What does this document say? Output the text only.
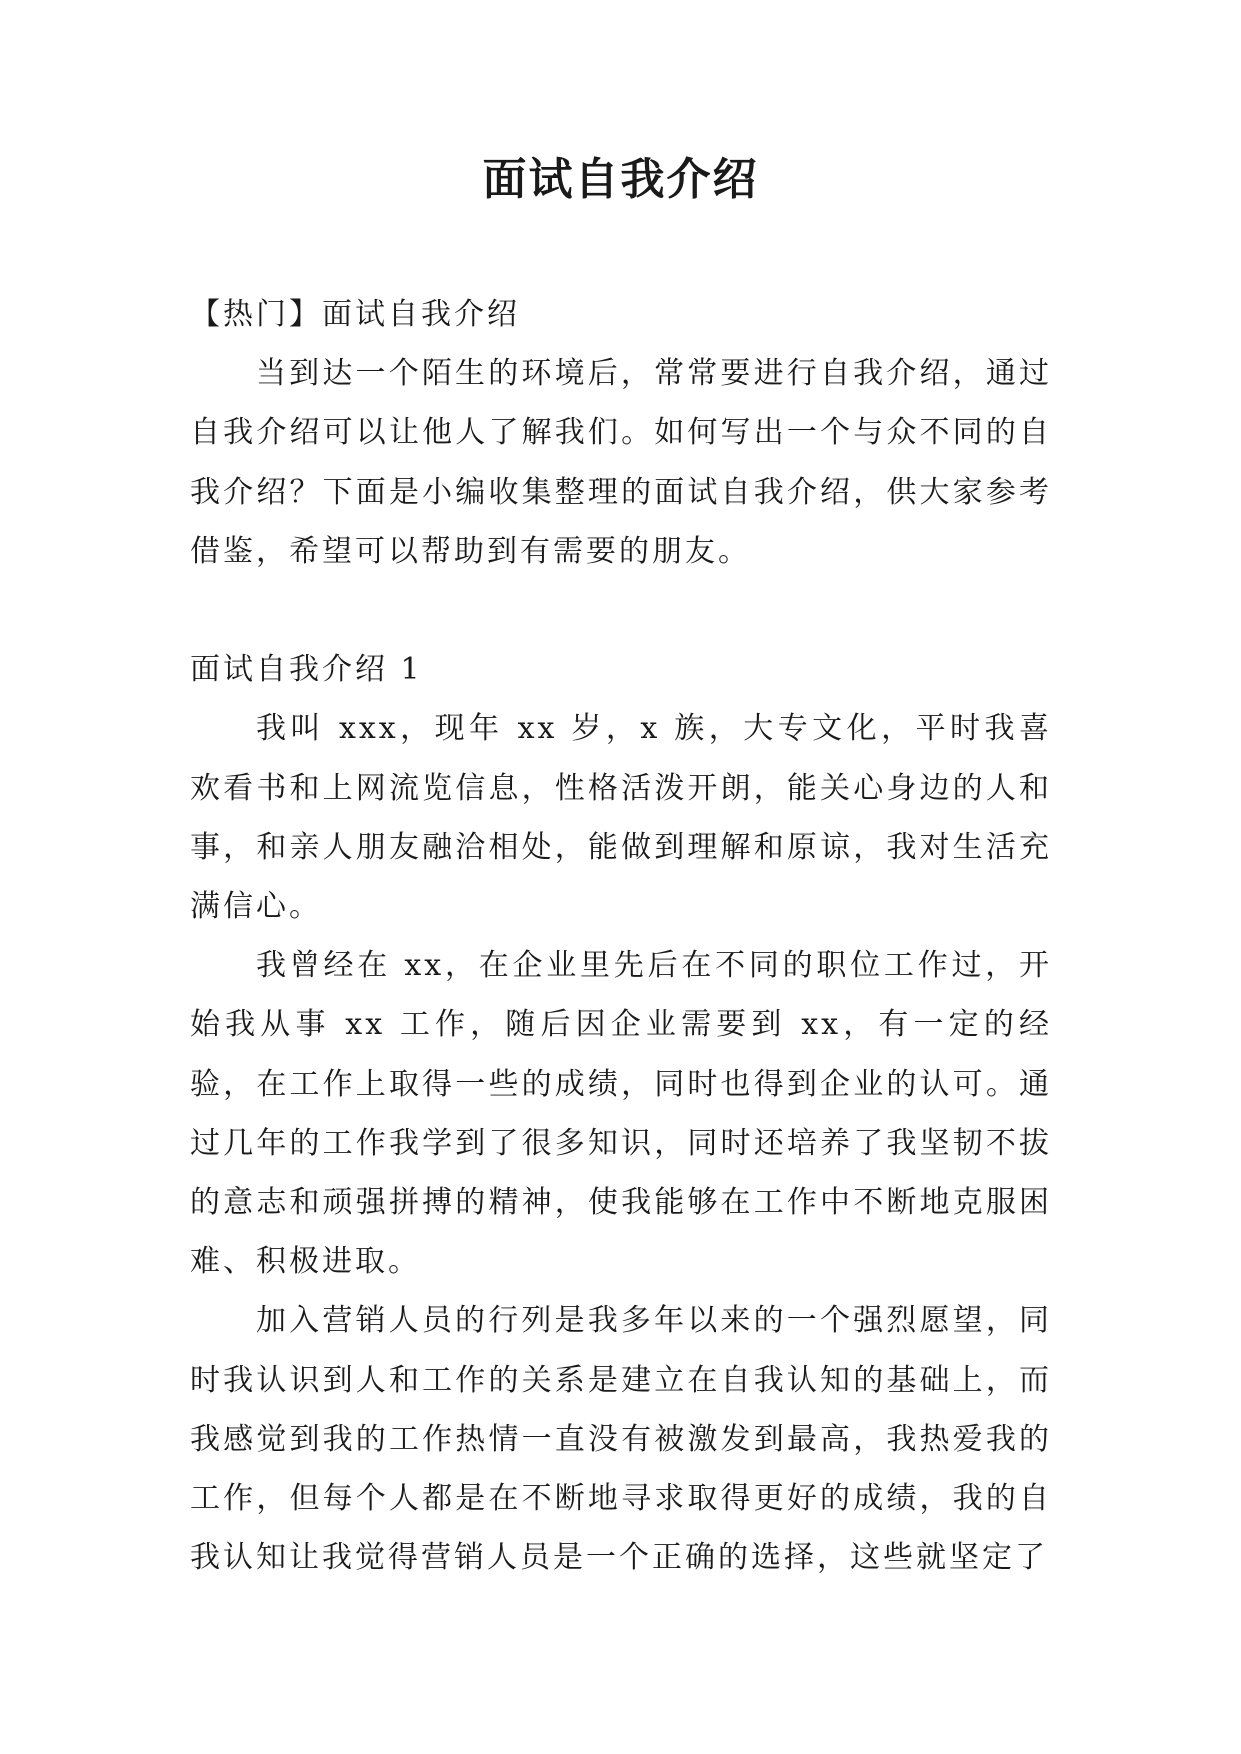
面试自我介绍

【热门】面试自我介绍

当到达一个陌生的环境后，常常要进行自我介绍，通过自我介绍可以让他人了解我们。如何写出一个与众不同的自我介绍？下面是小编收集整理的面试自我介绍，供大家参考借鉴，希望可以帮助到有需要的朋友。

面试自我介绍 1

我叫 xxx，现年 xx 岁，x 族，大专文化，平时我喜欢看书和上网流览信息，性格活泼开朗，能关心身边的人和事，和亲人朋友融洽相处，能做到理解和原谅，我对生活充满信心。

我曾经在 xx，在企业里先后在不同的职位工作过，开始我从事 xx 工作，随后因企业需要到 xx，有一定的经验，在工作上取得一些的成绩，同时也得到企业的认可。通过几年的工作我学到了很多知识，同时还培养了我坚韧不拔的意志和顽强拼搏的精神，使我能够在工作中不断地克服困难、积极进取。

加入营销人员的行列是我多年以来的一个强烈愿望，同时我认识到人和工作的关系是建立在自我认知的基础上，而我感觉到我的工作热情一直没有被激发到最高，我热爱我的工作，但每个人都是在不断地寻求取得更好的成绩，我的自我认知让我觉得营销人员是一个正确的选择，这些就坚定了
